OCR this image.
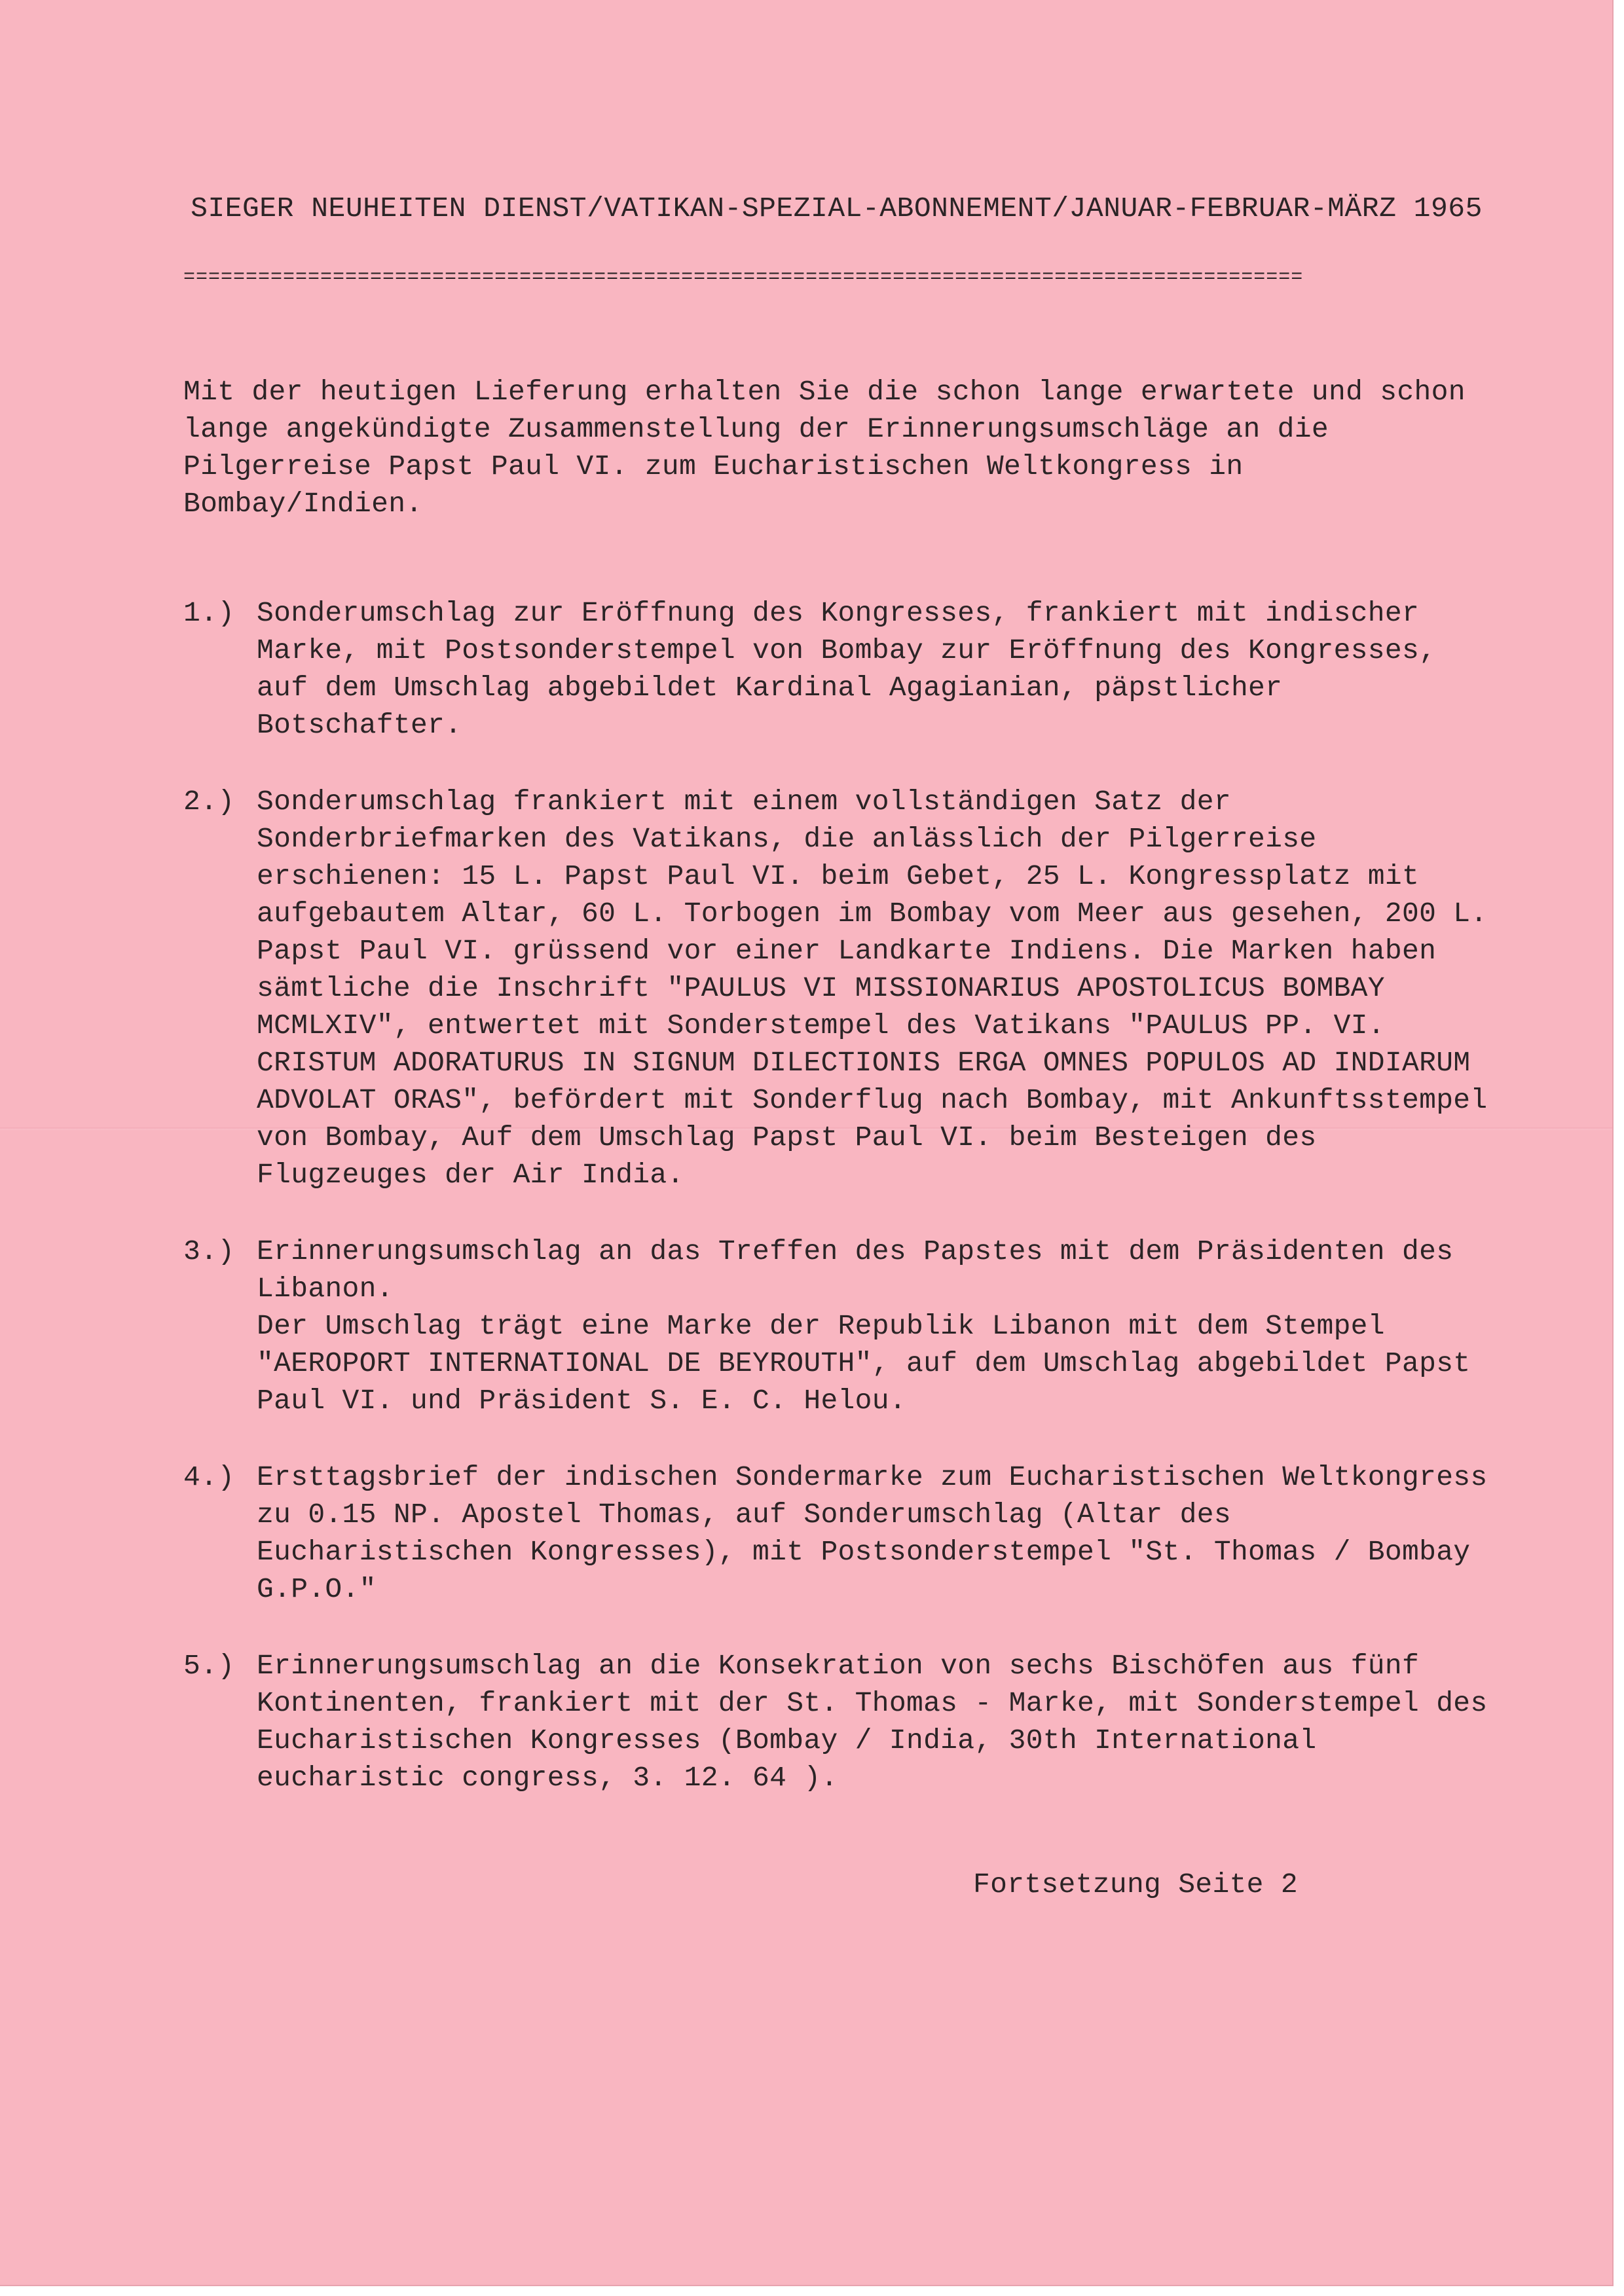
SIEGER NEUHEITEN DIENST/VATIKAN-SPEZIAL-ABONNEMENT/JANUAR-FEBRUAR-MÄRZ 1965
==========================================================================================
Mit der heutigen Lieferung erhalten Sie die schon lange erwartete und schon lange angekündigte Zusammenstellung der Erinnerungsumschläge an die Pilgerreise Papst Paul VI. zum Eucharistischen Weltkongress in Bombay/Indien.
1.) Sonderumschlag zur Eröffnung des Kongresses, frankiert mit indischer Marke, mit Postsonderstempel von Bombay zur Eröffnung des Kongresses, auf dem Umschlag abgebildet Kardinal Agagianian, päpstlicher Botschafter.
2.) Sonderumschlag frankiert mit einem vollständigen Satz der Sonderbriefmarken des Vatikans, die anlässlich der Pilgerreise erschienen: 15 L. Papst Paul VI. beim Gebet, 25 L. Kongressplatz mit aufgebautem Altar, 60 L. Torbogen im Bombay vom Meer aus gesehen, 200 L. Papst Paul VI. grüssend vor einer Landkarte Indiens. Die Marken haben sämtliche die Inschrift "PAULUS VI MISSIONARIUS APOSTOLICUS BOMBAY MCMLXIV", entwertet mit Sonderstempel des Vatikans "PAULUS PP. VI. CRISTUM ADORATURUS IN SIGNUM DILECTIONIS ERGA OMNES POPULOS AD INDIARUM ADVOLAT ORAS", befördert mit Sonderflug nach Bombay, mit Ankunftsstempel von Bombay, Auf dem Umschlag Papst Paul VI. beim Besteigen des Flugzeuges der Air India.
3.) Erinnerungsumschlag an das Treffen des Papstes mit dem Präsidenten des Libanon.
Der Umschlag trägt eine Marke der Republik Libanon mit dem Stempel "AEROPORT INTERNATIONAL DE BEYROUTH", auf dem Umschlag abgebildet Papst Paul VI. und Präsident S. E. C. Helou.
4.) Ersttagsbrief der indischen Sondermarke zum Eucharistischen Weltkongress zu 0.15 NP. Apostel Thomas, auf Sonderumschlag (Altar des Eucharistischen Kongresses), mit Postsonderstempel "St. Thomas / Bombay G.P.O."
5.) Erinnerungsumschlag an die Konsekration von sechs Bischöfen aus fünf Kontinenten, frankiert mit der St. Thomas - Marke, mit Sonderstempel des Eucharistischen Kongresses (Bombay / India, 30th International eucharistic congress, 3. 12. 64 ).
Fortsetzung Seite 2
